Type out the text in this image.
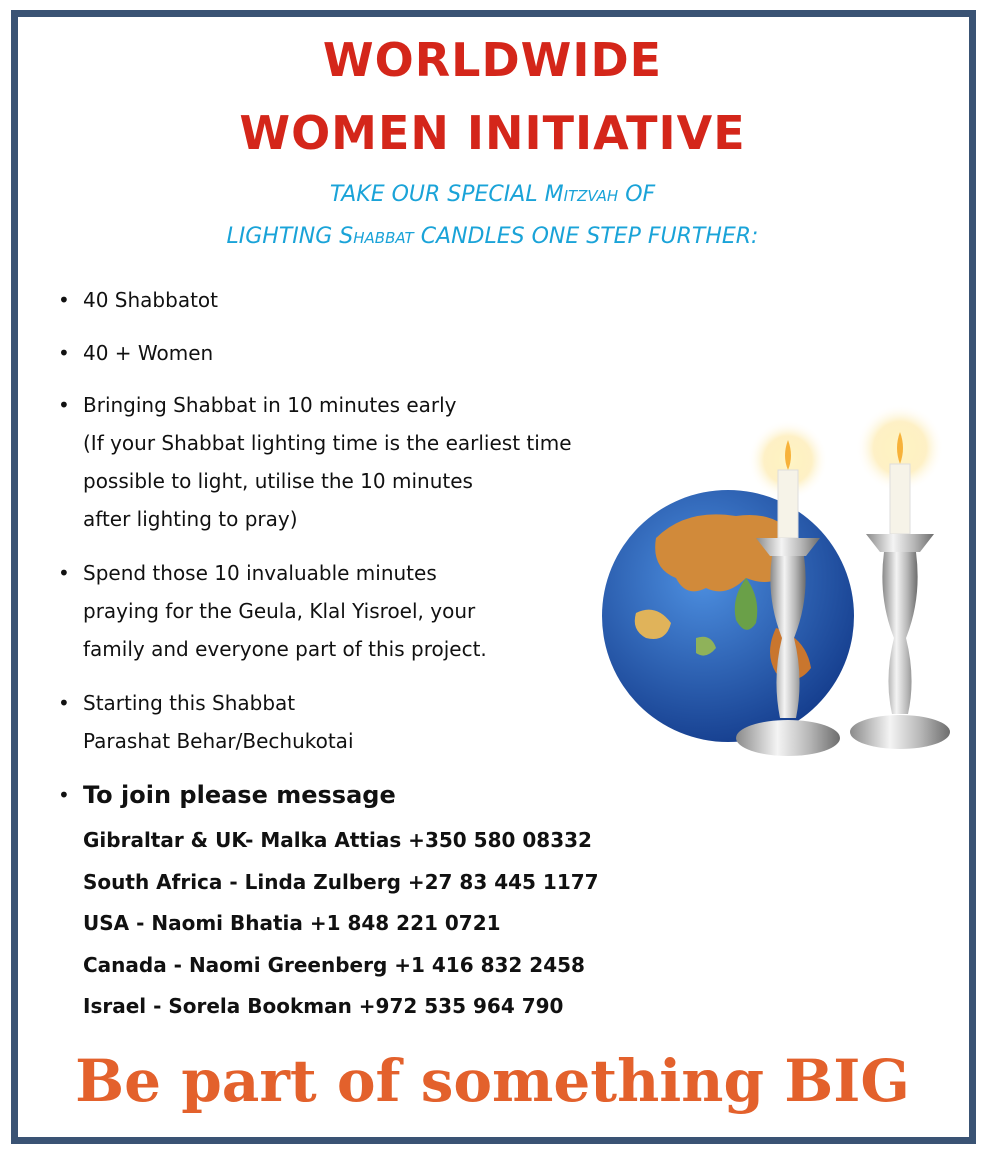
WORLDWIDE
WOMEN INITIATIVE
TAKE OUR SPECIAL Mitzvah OF
LIGHTING Shabbat CANDLES ONE STEP FURTHER:
• 40 Shabbatot
• 40 + Women
• Bringing Shabbat in 10 minutes early
(If your Shabbat lighting time is the earliest time
possible to light, utilise the 10 minutes
after lighting to pray)
• Spend those 10 invaluable minutes
praying for the Geula, Klal Yisroel, your
family and everyone part of this project.
• Starting this Shabbat
Parashat Behar/Bechukotai
• To join please message
Gibraltar & UK- Malka Attias +350 580 08332
South Africa - Linda Zulberg +27 83 445 1177
USA - Naomi Bhatia +1 848 221 0721
Canada - Naomi Greenberg +1 416 832 2458
Israel - Sorela Bookman +972 535 964 790
Be part of something BIG
